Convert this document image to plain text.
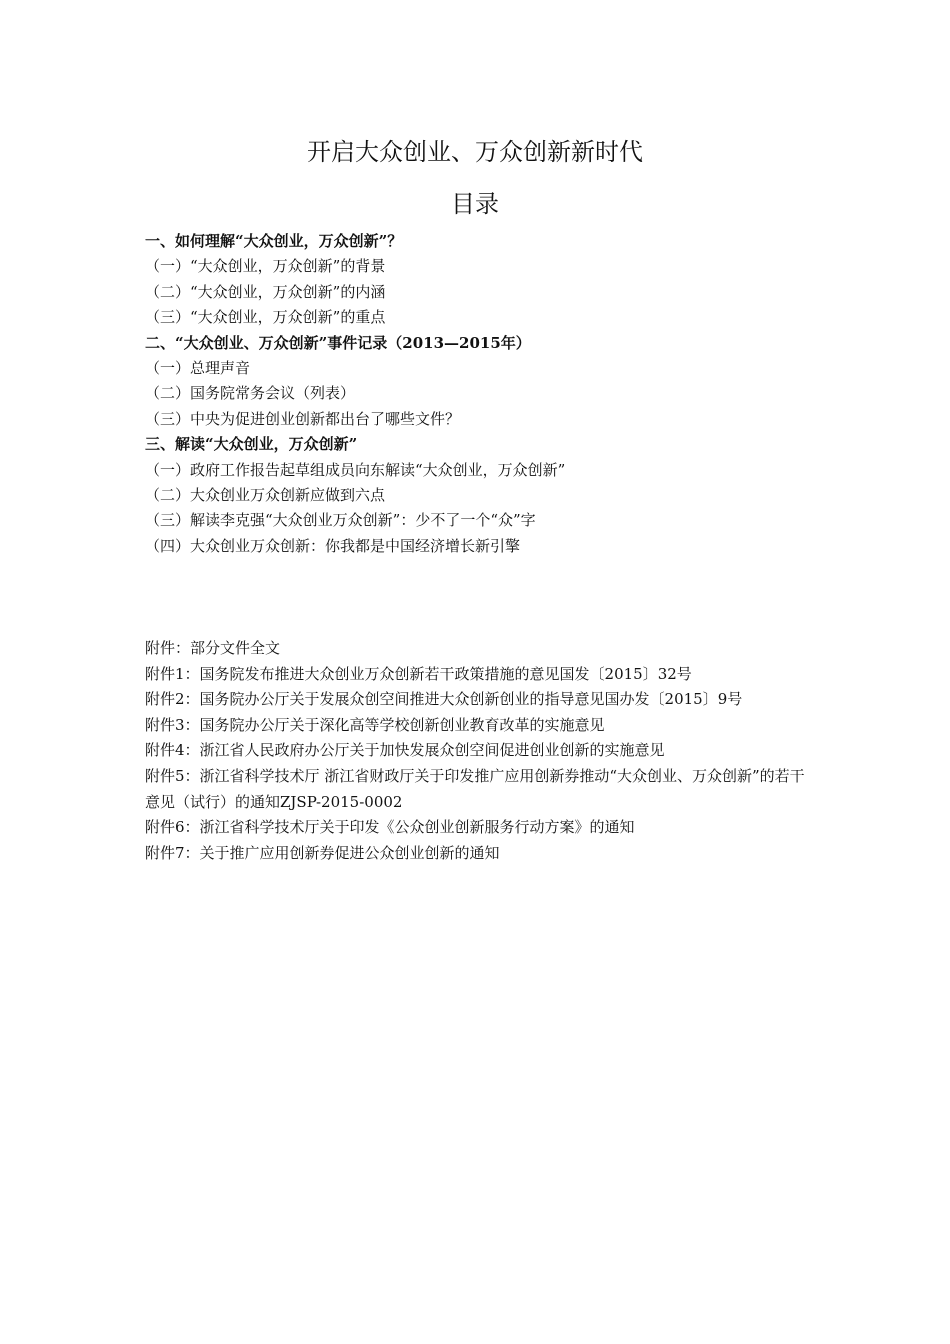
开启大众创业、万众创新新时代
目录
一、如何理解“大众创业，万众创新”？
（一）“大众创业，万众创新”的背景
（二）“大众创业，万众创新”的内涵
（三）“大众创业，万众创新”的重点
二、“大众创业、万众创新”事件记录（2013—2015年）
（一）总理声音
（二）国务院常务会议（列表）
（三）中央为促进创业创新都出台了哪些文件？
三、解读“大众创业，万众创新”
（一）政府工作报告起草组成员向东解读“大众创业，万众创新”
（二）大众创业万众创新应做到六点
（三）解读李克强“大众创业万众创新”：少不了一个“众”字
（四）大众创业万众创新：你我都是中国经济增长新引擎

附件：部分文件全文

附件1：国务院发布推进大众创业万众创新若干政策措施的意见国发〔2015〕32号

附件2：国务院办公厅关于发展众创空间推进大众创新创业的指导意见国办发〔2015〕9号

附件3：国务院办公厅关于深化高等学校创新创业教育改革的实施意见

附件4：浙江省人民政府办公厅关于加快发展众创空间促进创业创新的实施意见

附件5：浙江省科学技术厅 浙江省财政厅关于印发推广应用创新券推动“大众创业、万众创新”的若干意见（试行）的通知ZJSP-2015-0002

附件6：浙江省科学技术厅关于印发《公众创业创新服务行动方案》的通知

附件7：关于推广应用创新券促进公众创业创新的通知
